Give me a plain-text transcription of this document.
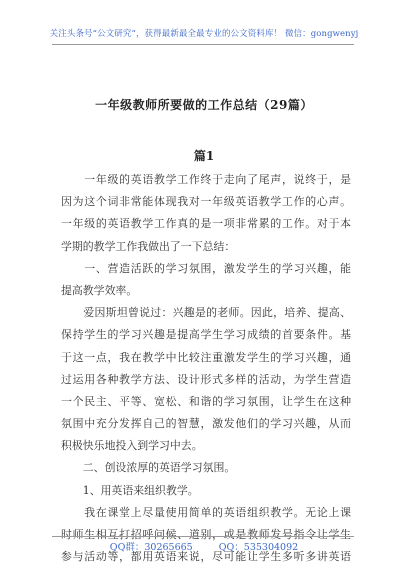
关注头条号“公文研究”，获得最新最全最专业的公文资料库！ 微信：gongwenyj
一年级教师所要做的工作总结（29篇）
篇1
　　一年级的英语教学工作终于走向了尾声，说终于，是
因为这个词非常能体现我对一年级英语教学工作的心声。
一年级的英语教学工作真的是一项非常累的工作。对于本
学期的教学工作我做出了一下总结：
　　一、营造活跃的学习氛围，激发学生的学习兴趣，能
提高教学效率。
　　爱因斯坦曾说过：兴趣是的老师。因此，培养、提高、
保持学生的学习兴趣是提高学生学习成绩的首要条件。基
于这一点，我在教学中比较注重激发学生的学习兴趣，通
过运用各种教学方法、设计形式多样的活动，为学生营造
一个民主、平等、宽松、和谐的学习氛围，让学生在这种
氛围中充分发挥自己的智慧，激发他们的学习兴趣，从而
积极快乐地投入到学习中去。
　　二、创设浓厚的英语学习氛围。
　　1、用英语来组织教学。
　　我在课堂上尽量使用简单的英语组织教学。无论上课
时师生相互打招呼问候、道别，或是教师发号指令让学生
参与活动等，都用英语来说，尽可能让学生多听多讲英语
QQ群：30265665	QQ：535304092
